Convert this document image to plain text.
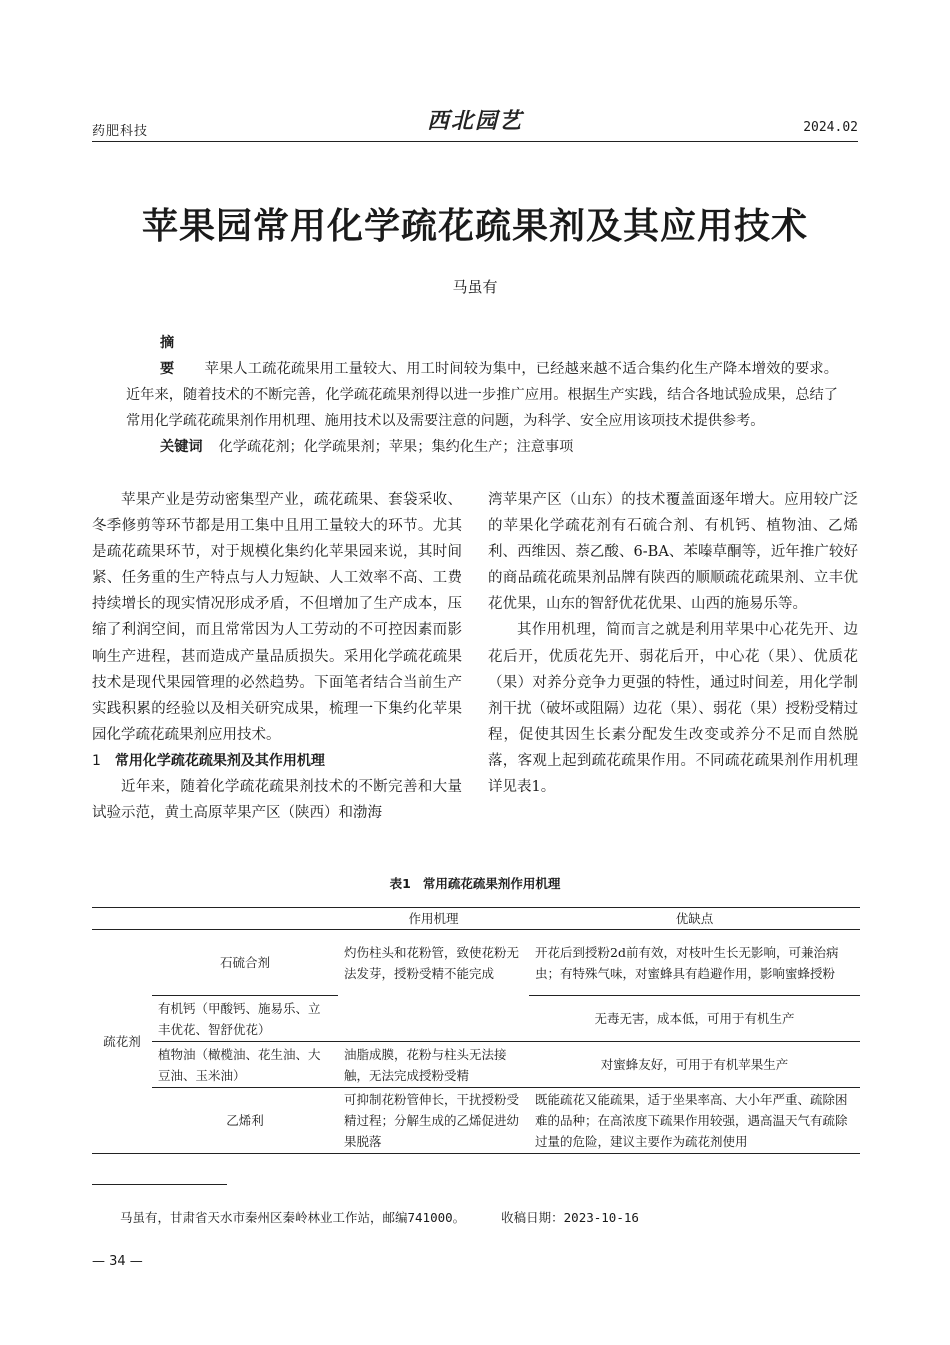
药肥科技	西北园艺	2024.02
苹果园常用化学疏花疏果剂及其应用技术
马虽有
摘　要 苹果人工疏花疏果用工量较大、用工时间较为集中，已经越来越不适合集约化生产降本增效的要求。近年来，随着技术的不断完善，化学疏花疏果剂得以进一步推广应用。根据生产实践，结合各地试验成果，总结了常用化学疏花疏果剂作用机理、施用技术以及需要注意的问题，为科学、安全应用该项技术提供参考。
关键词 化学疏花剂；化学疏果剂；苹果；集约化生产；注意事项

苹果产业是劳动密集型产业，疏花疏果、套袋采收、冬季修剪等环节都是用工集中且用工量较大的环节。尤其是疏花疏果环节，对于规模化集约化苹果园来说，其时间紧、任务重的生产特点与人力短缺、人工效率不高、工费持续增长的现实情况形成矛盾，不但增加了生产成本，压缩了利润空间，而且常常因为人工劳动的不可控因素而影响生产进程，甚而造成产量品质损失。采用化学疏花疏果技术是现代果园管理的必然趋势。下面笔者结合当前生产实践积累的经验以及相关研究成果，梳理一下集约化苹果园化学疏花疏果剂应用技术。

1 常用化学疏花疏果剂及其作用机理

近年来，随着化学疏花疏果剂技术的不断完善和大量试验示范，黄土高原苹果产区（陕西）和渤海

湾苹果产区（山东）的技术覆盖面逐年增大。应用较广泛的苹果化学疏花剂有石硫合剂、有机钙、植物油、乙烯利、西维因、萘乙酸、6-BA、苯嗪草酮等，近年推广较好的商品疏花疏果剂品牌有陕西的顺顺疏花疏果剂、立丰优花优果，山东的智舒优花优果、山西的施易乐等。

其作用机理，简而言之就是利用苹果中心花先开、边花后开，优质花先开、弱花后开，中心花（果）、优质花（果）对养分竞争力更强的特性，通过时间差，用化学制剂干扰（破坏或阻隔）边花（果）、弱花（果）授粉受精过程，促使其因生长素分配发生改变或养分不足而自然脱落，客观上起到疏花疏果作用。不同疏花疏果剂作用机理详见表1。

表1 常用疏花疏果剂作用机理
		作用机理	优缺点
疏花剂	石硫合剂	灼伤柱头和花粉管，致使花粉无法发芽，授粉受精不能完成	开花后到授粉2d前有效，对枝叶生长无影响，可兼治病虫；有特殊气味，对蜜蜂具有趋避作用，影响蜜蜂授粉
	有机钙（甲酸钙、施易乐、立丰优花、智舒优花）		无毒无害，成本低，可用于有机生产
	植物油（橄榄油、花生油、大豆油、玉米油）	油脂成膜，花粉与柱头无法接触，无法完成授粉受精	对蜜蜂友好，可用于有机苹果生产
	乙烯利	可抑制花粉管伸长，干扰授粉受精过程；分解生成的乙烯促进幼果脱落	既能疏花又能疏果，适于坐果率高、大小年严重、疏除困难的品种；在高浓度下疏果作用较强，遇高温天气有疏除过量的危险，建议主要作为疏花剂使用
马虽有，甘肃省天水市秦州区秦岭林业工作站，邮编741000。	收稿日期：2023-10-16
— 34 —
